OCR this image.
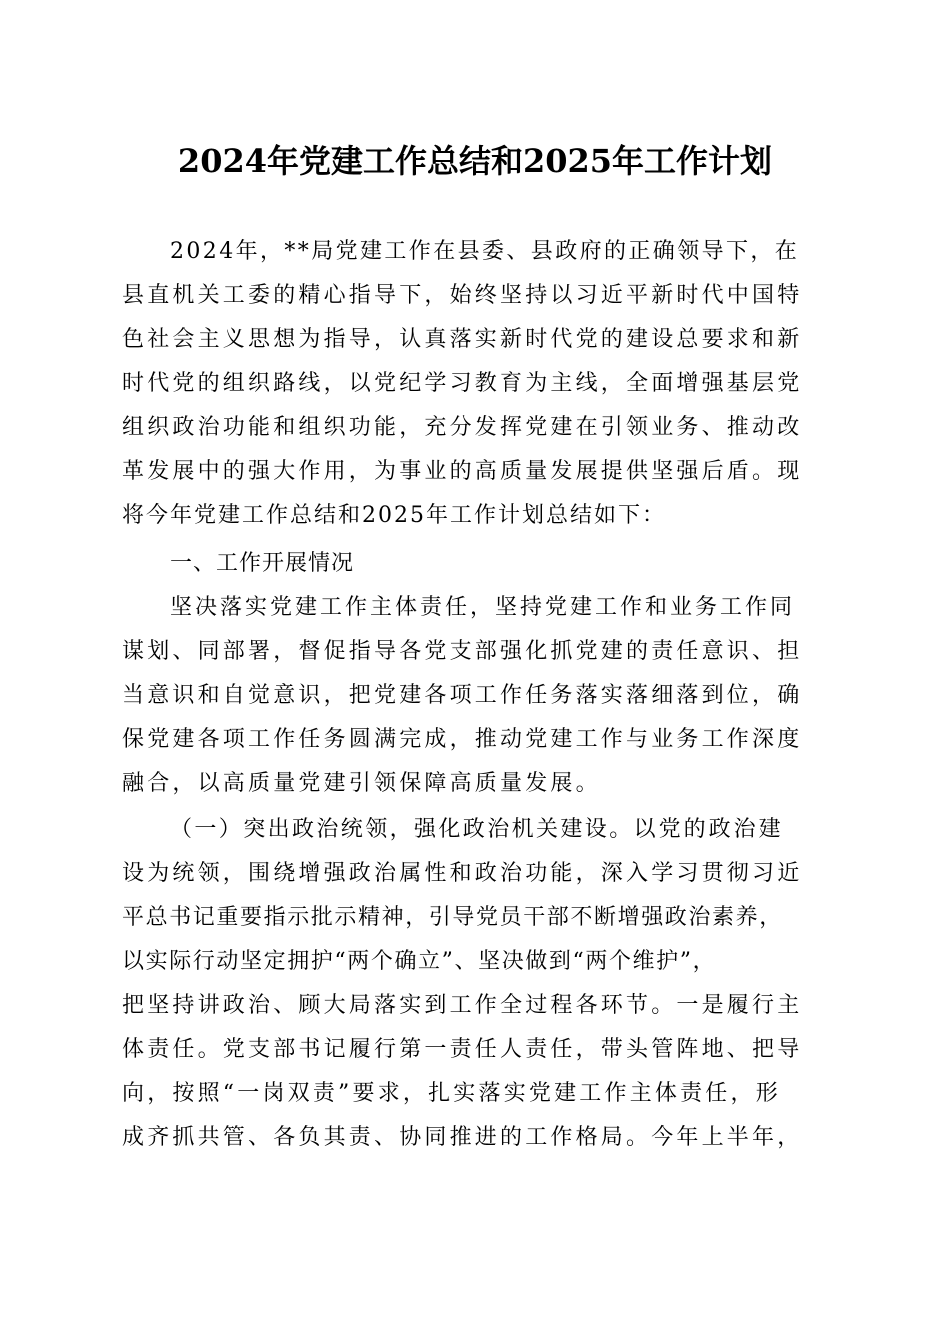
2024年党建工作总结和2025年工作计划

2024年，**局党建工作在县委、县政府的正确领导下，在

县直机关工委的精心指导下，始终坚持以习近平新时代中国特

色社会主义思想为指导，认真落实新时代党的建设总要求和新

时代党的组织路线，以党纪学习教育为主线，全面增强基层党

组织政治功能和组织功能，充分发挥党建在引领业务、推动改

革发展中的强大作用，为事业的高质量发展提供坚强后盾。现

将今年党建工作总结和2025年工作计划总结如下：

一、工作开展情况

坚决落实党建工作主体责任，坚持党建工作和业务工作同

谋划、同部署，督促指导各党支部强化抓党建的责任意识、担

当意识和自觉意识，把党建各项工作任务落实落细落到位，确

保党建各项工作任务圆满完成，推动党建工作与业务工作深度

融合，以高质量党建引领保障高质量发展。

（一）突出政治统领，强化政治机关建设。以党的政治建

设为统领，围绕增强政治属性和政治功能，深入学习贯彻习近

平总书记重要指示批示精神，引导党员干部不断增强政治素养，

以实际行动坚定拥护“两个确立”、坚决做到“两个维护”，

把坚持讲政治、顾大局落实到工作全过程各环节。一是履行主

体责任。党支部书记履行第一责任人责任，带头管阵地、把导

向，按照“一岗双责”要求，扎实落实党建工作主体责任，形

成齐抓共管、各负其责、协同推进的工作格局。今年上半年，
